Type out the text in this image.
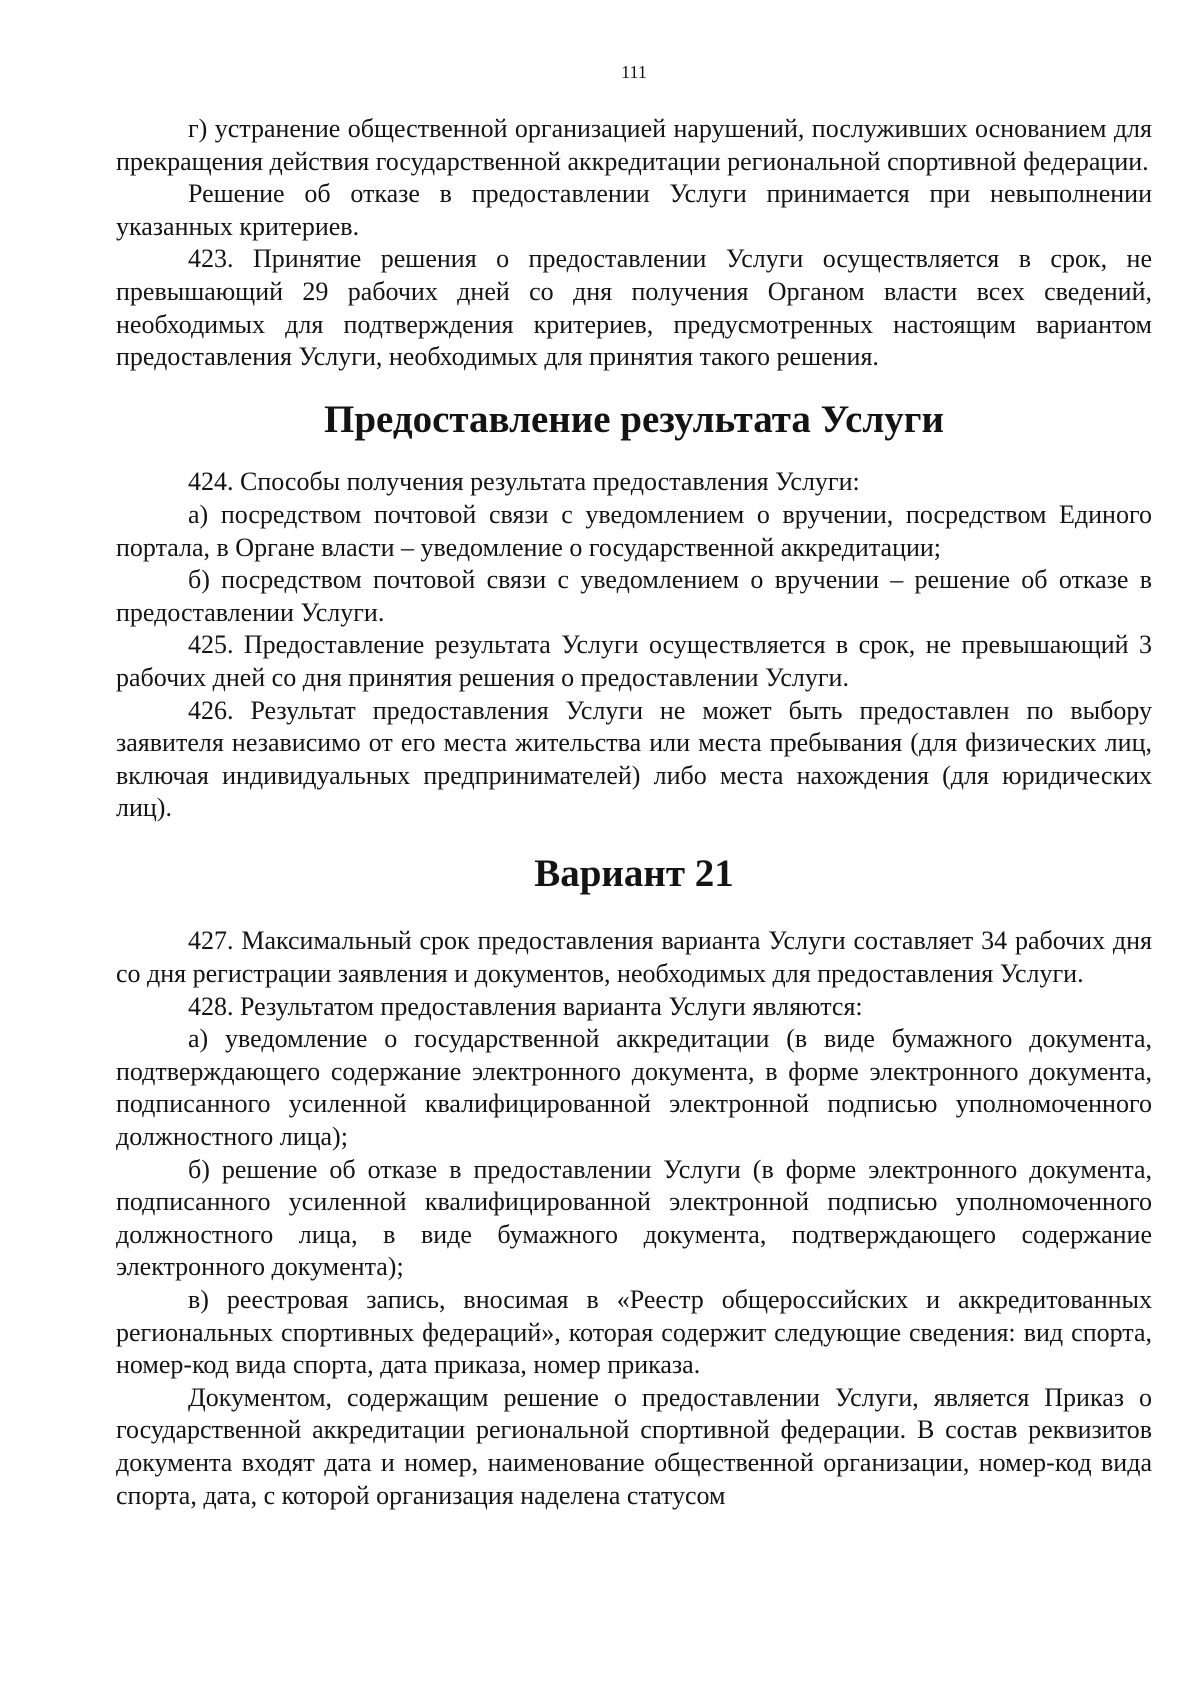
111

г) устранение общественной организацией нарушений, послуживших основанием для прекращения действия государственной аккредитации региональной спортивной федерации.

Решение об отказе в предоставлении Услуги принимается при невыполнении указанных критериев.

423. Принятие решения о предоставлении Услуги осуществляется в срок, не превышающий 29 рабочих дней со дня получения Органом власти всех сведений, необходимых для подтверждения критериев, предусмотренных настоящим вариантом предоставления Услуги, необходимых для принятия такого решения.

Предоставление результата Услуги

424. Способы получения результата предоставления Услуги:

а) посредством почтовой связи с уведомлением о вручении, посредством Единого портала, в Органе власти – уведомление о государственной аккредитации;

б) посредством почтовой связи с уведомлением о вручении – решение об отказе в предоставлении Услуги.

425. Предоставление результата Услуги осуществляется в срок, не превышающий 3 рабочих дней со дня принятия решения о предоставлении Услуги.

426. Результат предоставления Услуги не может быть предоставлен по выбору заявителя независимо от его места жительства или места пребывания (для физических лиц, включая индивидуальных предпринимателей) либо места нахождения (для юридических лиц).

Вариант 21

427. Максимальный срок предоставления варианта Услуги составляет 34 рабочих дня со дня регистрации заявления и документов, необходимых для предоставления Услуги.

428. Результатом предоставления варианта Услуги являются:

а) уведомление о государственной аккредитации (в виде бумажного документа, подтверждающего содержание электронного документа, в форме электронного документа, подписанного усиленной квалифицированной электронной подписью уполномоченного должностного лица);

б) решение об отказе в предоставлении Услуги (в форме электронного документа, подписанного усиленной квалифицированной электронной подписью уполномоченного должностного лица, в виде бумажного документа, подтверждающего содержание электронного документа);

в) реестровая запись, вносимая в «Реестр общероссийских и аккредитованных региональных спортивных федераций», которая содержит следующие сведения: вид спорта, номер-код вида спорта, дата приказа, номер приказа.

Документом, содержащим решение о предоставлении Услуги, является Приказ о государственной аккредитации региональной спортивной федерации. В состав реквизитов документа входят дата и номер, наименование общественной организации, номер-код вида спорта, дата, с которой организация наделена статусом
